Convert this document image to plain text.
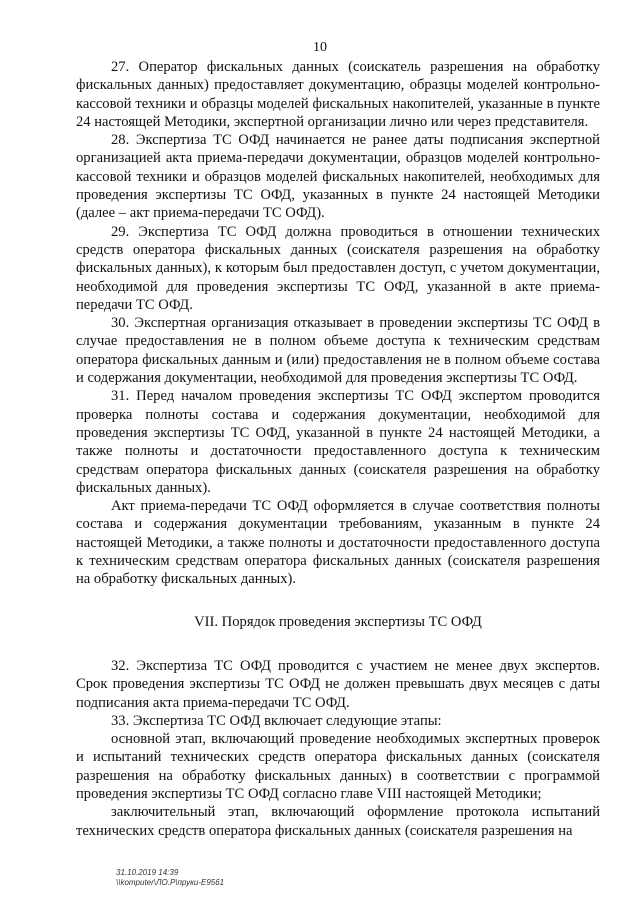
10

27. Оператор фискальных данных (соискатель разрешения на обработку фискальных данных) предоставляет документацию, образцы моделей контрольно-кассовой техники и образцы моделей фискальных накопителей, указанные в пункте 24 настоящей Методики, экспертной организации лично или через представителя.

28. Экспертиза ТС ОФД начинается не ранее даты подписания экспертной организацией акта приема-передачи документации, образцов моделей контрольно-кассовой техники и образцов моделей фискальных накопителей, необходимых для проведения экспертизы ТС ОФД, указанных в пункте 24 настоящей Методики (далее – акт приема-передачи ТС ОФД).

29. Экспертиза ТС ОФД должна проводиться в отношении технических средств оператора фискальных данных (соискателя разрешения на обработку фискальных данных), к которым был предоставлен доступ, с учетом документации, необходимой для проведения экспертизы ТС ОФД, указанной в акте приема-передачи ТС ОФД.

30. Экспертная организация отказывает в проведении экспертизы ТС ОФД в случае предоставления не в полном объеме доступа к техническим средствам оператора фискальных данным и (или) предоставления не в полном объеме состава и содержания документации, необходимой для проведения экспертизы ТС ОФД.

31. Перед началом проведения экспертизы ТС ОФД экспертом проводится проверка полноты состава и содержания документации, необходимой для проведения экспертизы ТС ОФД, указанной в пункте 24 настоящей Методики, а также полноты и достаточности предоставленного доступа к техническим средствам оператора фискальных данных (соискателя разрешения на обработку фискальных данных).

Акт приема-передачи ТС ОФД оформляется в случае соответствия полноты состава и содержания документации требованиям, указанным в пункте 24 настоящей Методики, а также полноты и достаточности предоставленного доступа к техническим средствам оператора фискальных данных (соискателя разрешения на обработку фискальных данных).

VII. Порядок проведения экспертизы ТС ОФД

32. Экспертиза ТС ОФД проводится с участием не менее двух экспертов. Срок проведения экспертизы ТС ОФД не должен превышать двух месяцев с даты подписания акта приема-передачи ТС ОФД.

33. Экспертиза ТС ОФД включает следующие этапы:

основной этап, включающий проведение необходимых экспертных проверок и испытаний технических средств оператора фискальных данных (соискателя разрешения на обработку фискальных данных) в соответствии с программой проведения экспертизы ТС ОФД согласно главе VIII настоящей Методики;

заключительный этап, включающий оформление протокола испытаний технических средств оператора фискальных данных (соискателя разрешения на

31.10.2019 14:39
\\komputer\ЛО.Р\пруки-Е9561
